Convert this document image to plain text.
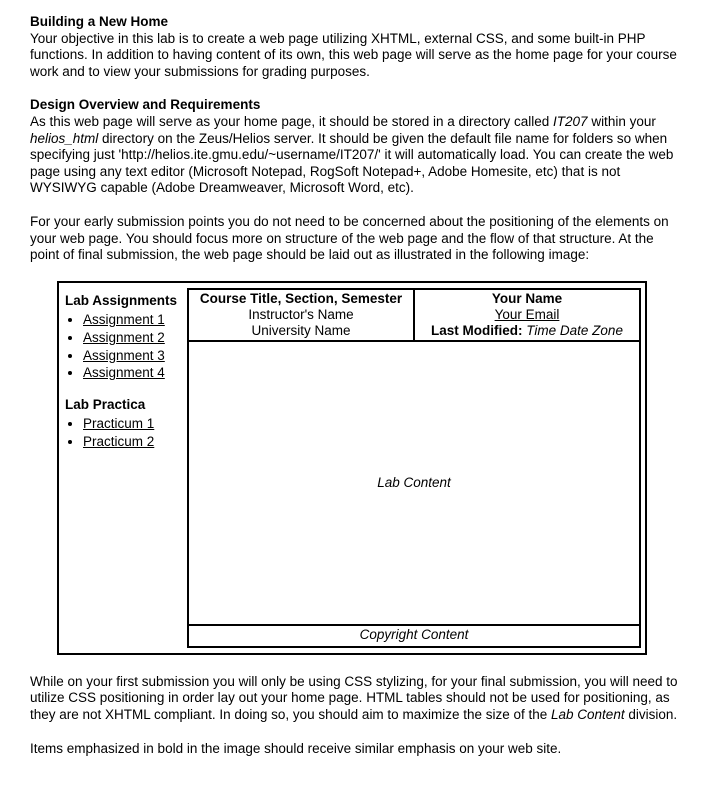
Building a New Home

Your objective in this lab is to create a web page utilizing XHTML, external CSS, and some built-in PHP functions. In addition to having content of its own, this web page will serve as the home page for your course work and to view your submissions for grading purposes.

Design Overview and Requirements

As this web page will serve as your home page, it should be stored in a directory called IT207 within your helios_html directory on the Zeus/Helios server. It should be given the default file name for folders so when specifying just 'http://helios.ite.gmu.edu/~username/IT207/' it will automatically load. You can create the web page using any text editor (Microsoft Notepad, RogSoft Notepad+, Adobe Homesite, etc) that is not WYSIWYG capable (Adobe Dreamweaver, Microsoft Word, etc).

For your early submission points you do not need to be concerned about the positioning of the elements on your web page. You should focus more on structure of the web page and the flow of that structure. At the point of final submission, the web page should be laid out as illustrated in the following image:

Lab Assignments
• Assignment 1
• Assignment 2
• Assignment 3
• Assignment 4
Lab Practica
• Practicum 1
• Practicum 2
Course Title, Section, Semester
Instructor's Name
University Name
Your Name
Your Email
Last Modified: Time Date Zone
Lab Content
Copyright Content

While on your first submission you will only be using CSS stylizing, for your final submission, you will need to utilize CSS positioning in order lay out your home page. HTML tables should not be used for positioning, as they are not XHTML compliant. In doing so, you should aim to maximize the size of the Lab Content division.

Items emphasized in bold in the image should receive similar emphasis on your web site.
